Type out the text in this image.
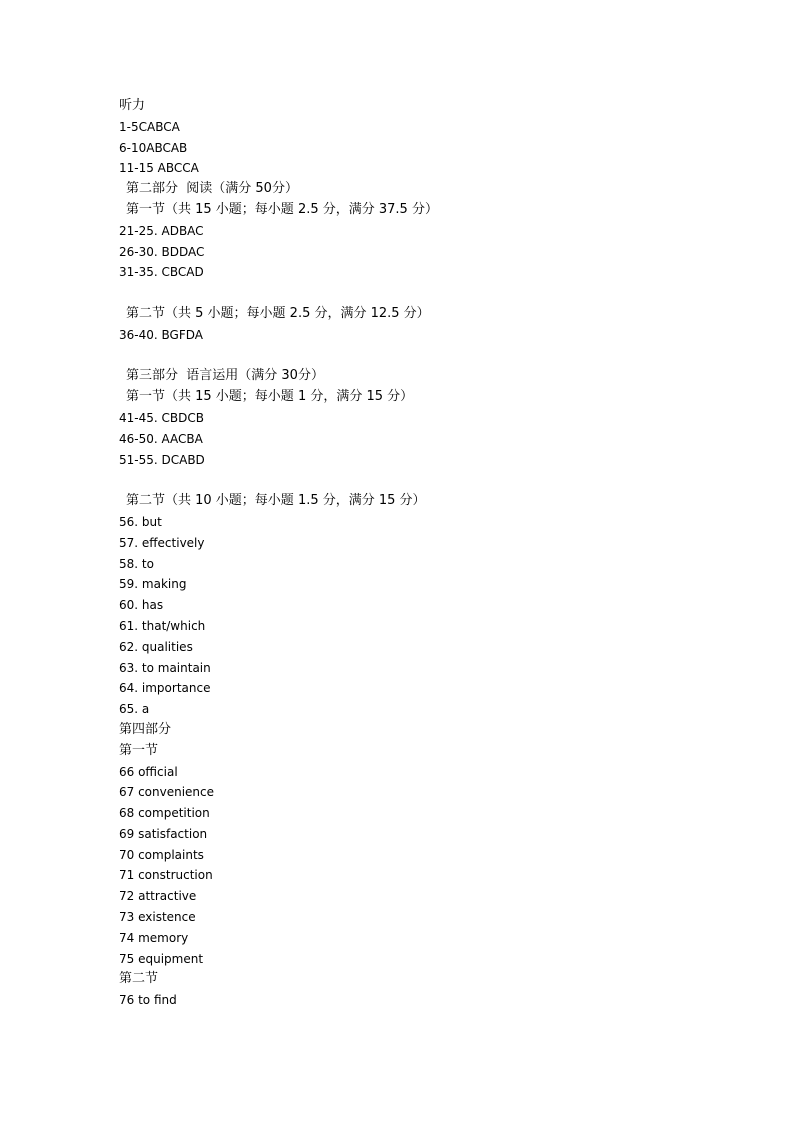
听力
1-5CABCA
6-10ABCAB
11-15 ABCCA
第二部分  阅读（满分 50分）
第一节（共 15 小题；每小题 2.5 分，满分 37.5 分）
21-25. ADBAC
26-30. BDDAC
31-35. CBCAD
第二节（共 5 小题；每小题 2.5 分，满分 12.5 分）
36-40. BGFDA
第三部分  语言运用（满分 30分）
第一节（共 15 小题；每小题 1 分，满分 15 分）
41-45. CBDCB
46-50. AACBA
51-55. DCABD
第二节（共 10 小题；每小题 1.5 分，满分 15 分）
56. but
57. effectively
58. to
59. making
60. has
61. that/which
62. qualities
63. to maintain
64. importance
65. a
第四部分
第一节
66 official
67 convenience
68 competition
69 satisfaction
70 complaints
71 construction
72 attractive
73 existence
74 memory
75 equipment
第二节
76 to find
